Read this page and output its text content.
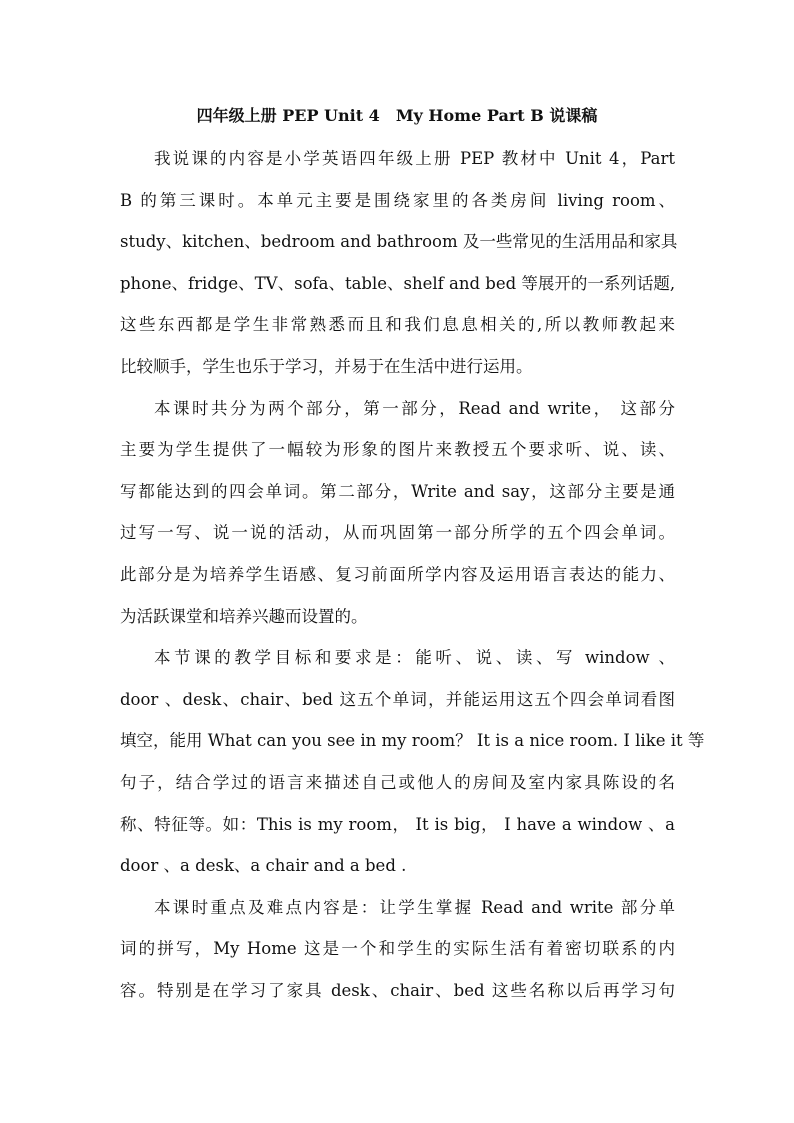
四年级上册 PEP Unit 4　My Home Part B 说课稿
我说课的内容是小学英语四年级上册 PEP 教材中 Unit 4，Part
B 的第三课时。本单元主要是围绕家里的各类房间 living room、
study、kitchen、bedroom and bathroom 及一些常见的生活用品和家具
phone、fridge、TV、sofa、table、shelf and bed 等展开的一系列话题,
这些东西都是学生非常熟悉而且和我们息息相关的,所以教师教起来
比较顺手，学生也乐于学习，并易于在生活中进行运用。
本课时共分为两个部分，第一部分，Read and write， 这部分
主要为学生提供了一幅较为形象的图片来教授五个要求听、说、读、
写都能达到的四会单词。第二部分，Write and say，这部分主要是通
过写一写、说一说的活动，从而巩固第一部分所学的五个四会单词。
此部分是为培养学生语感、复习前面所学内容及运用语言表达的能力、
为活跃课堂和培养兴趣而设置的。
本节课的教学目标和要求是：能听、说、读、写 window 、
door 、desk、chair、bed 这五个单词，并能运用这五个四会单词看图
填空，能用 What can you see in my room？ It is a nice room. I like it 等
句子，结合学过的语言来描述自己或他人的房间及室内家具陈设的名
称、特征等。如：This is my room， It is big， I have a window 、a
door 、a desk、a chair and a bed .
本课时重点及难点内容是：让学生掌握 Read and write 部分单
词的拼写，My Home 这是一个和学生的实际生活有着密切联系的内
容。特别是在学习了家具 desk、chair、bed 这些名称以后再学习句
